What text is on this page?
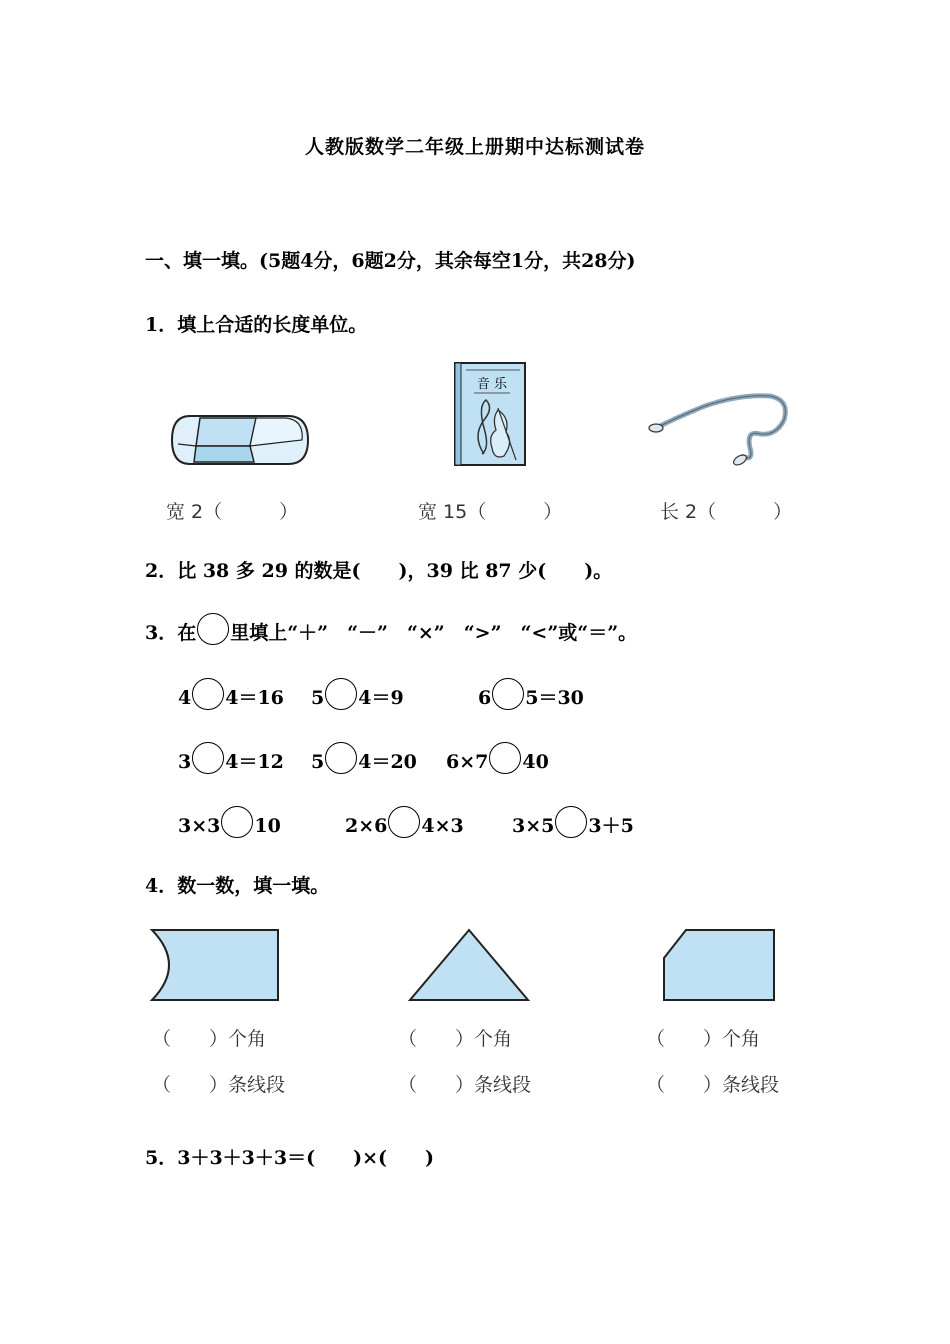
人教版数学二年级上册期中达标测试卷
一、填一填。(5题4分，6题2分，其余每空1分，共28分)
1．填上合适的长度单位。
音 乐
宽 2（　　　）	宽 15（　　　）	长 2（　　　）
2．比 38 多 29 的数是(　　)，39 比 87 少(　　)。
3．在 里填上“＋”　“－”　“×”　“>”　“<”或“＝”。
4 4＝16 5 4＝9	6 5＝30
3 4＝12 5 4＝20 6×7 40
3×3 10	2×6 4×3	3×5 3＋5
4．数一数，填一填。
（　　）个角	（　　）个角	（　　）个角
（　　）条线段	（　　）条线段	（　　）条线段
5．3＋3＋3＋3＝(　　)×(　　)
